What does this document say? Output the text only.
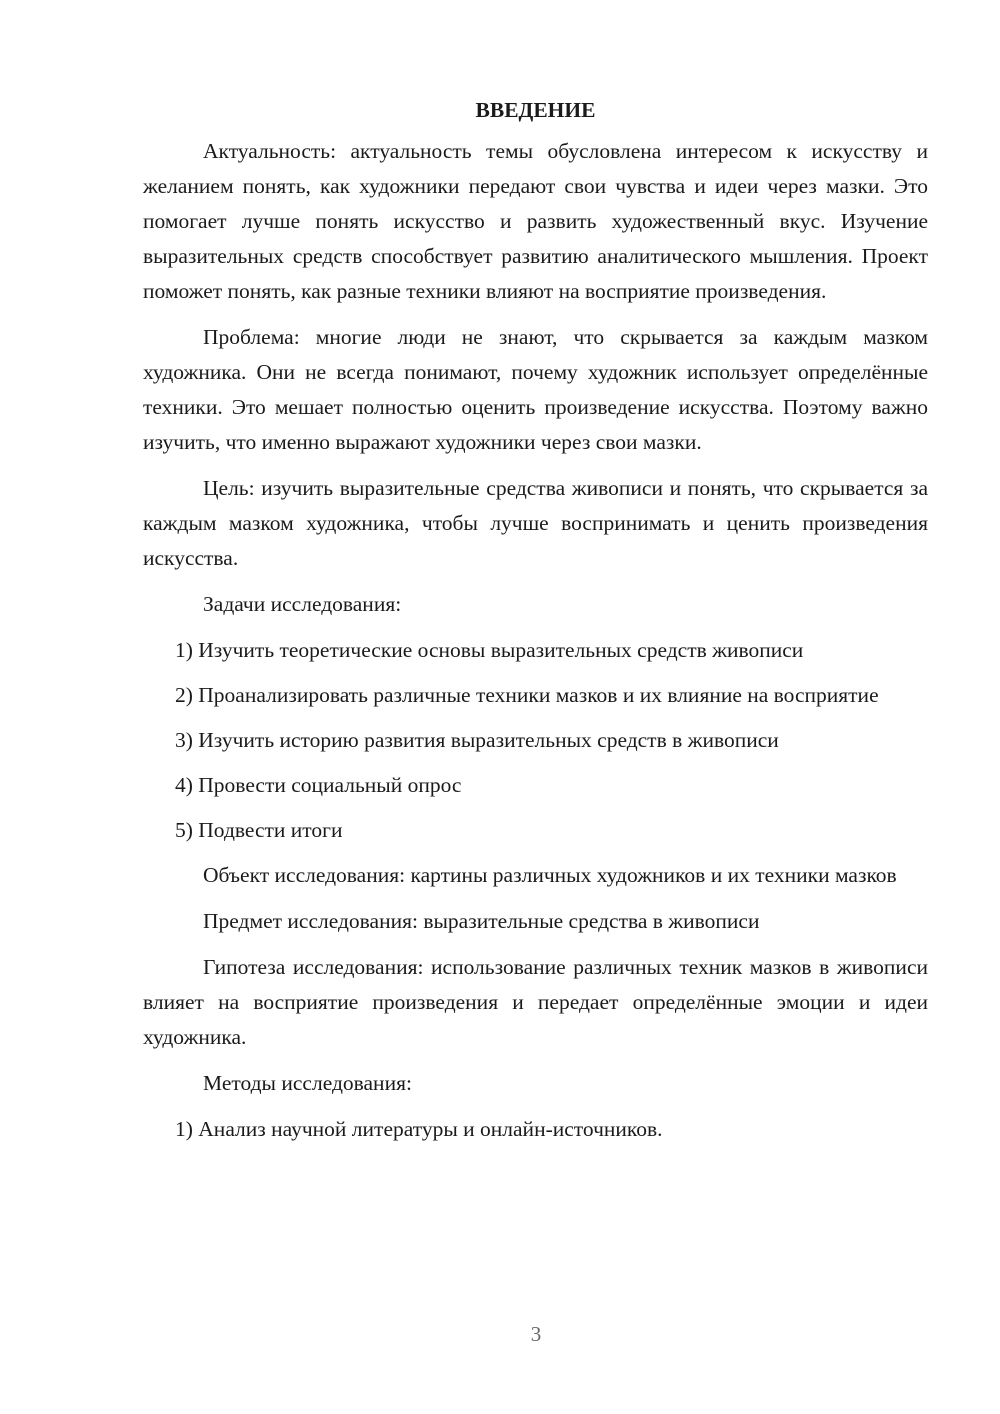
ВВЕДЕНИЕ

Актуальность: актуальность темы обусловлена интересом к искусству и желанием понять, как художники передают свои чувства и идеи через мазки. Это помогает лучше понять искусство и развить художественный вкус. Изучение выразительных средств способствует развитию аналитического мышления. Проект поможет понять, как разные техники влияют на восприятие произведения.

Проблема: многие люди не знают, что скрывается за каждым мазком художника. Они не всегда понимают, почему художник использует определённые техники. Это мешает полностью оценить произведение искусства. Поэтому важно изучить, что именно выражают художники через свои мазки.

Цель: изучить выразительные средства живописи и понять, что скрывается за каждым мазком художника, чтобы лучше воспринимать и ценить произведения искусства.

Задачи исследования:

1) Изучить теоретические основы выразительных средств живописи

2) Проанализировать различные техники мазков и их влияние на восприятие

3) Изучить историю развития выразительных средств в живописи

4) Провести социальный опрос

5) Подвести итоги

Объект исследования: картины различных художников и их техники мазков

Предмет исследования: выразительные средства в живописи

Гипотеза исследования: использование различных техник мазков в живописи влияет на восприятие произведения и передает определённые эмоции и идеи художника.

Методы исследования:

1) Анализ научной литературы и онлайн-источников.

3
